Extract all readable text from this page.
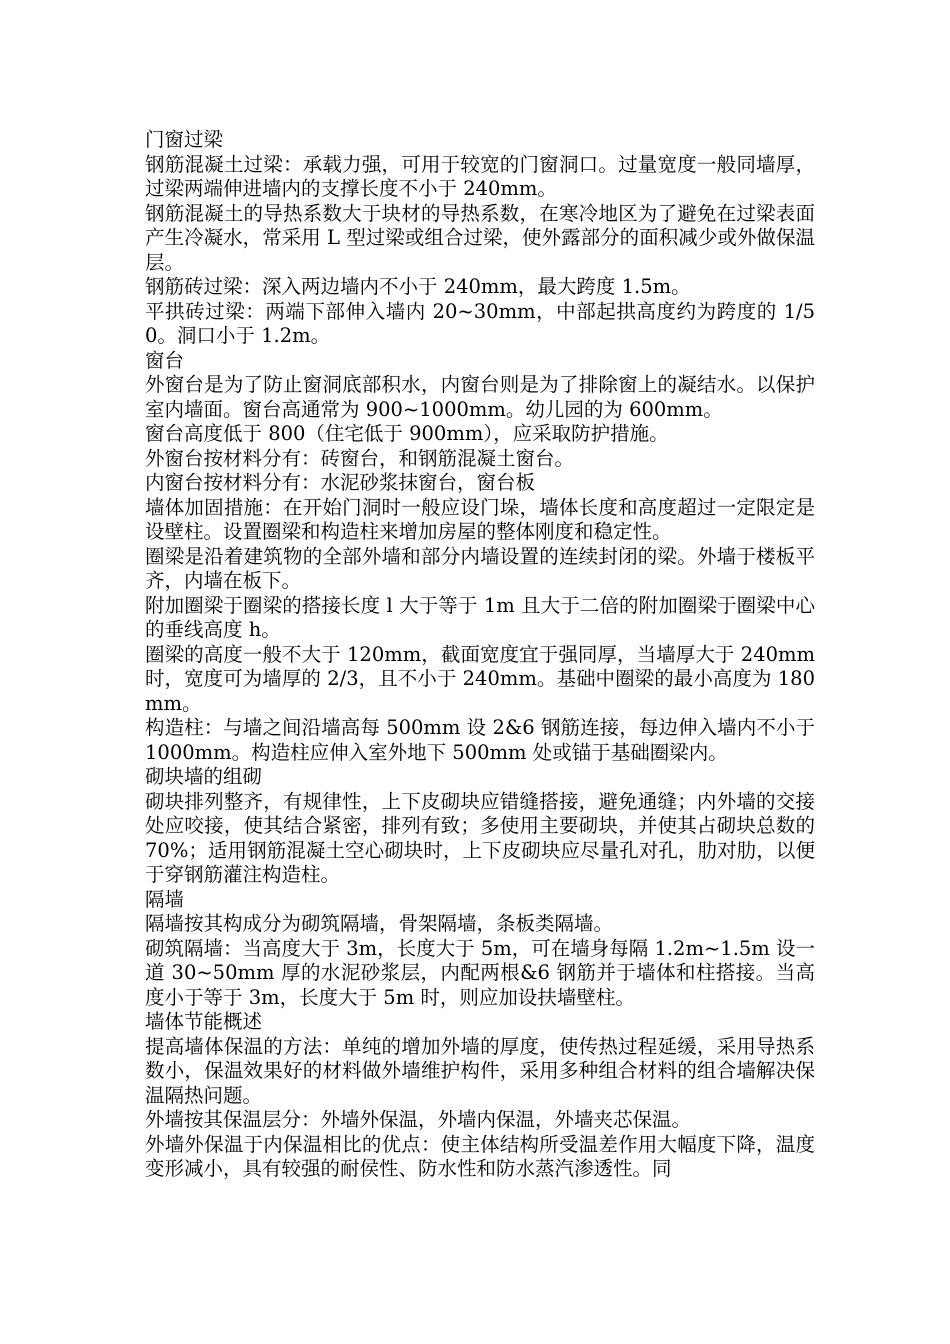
门窗过梁

钢筋混凝土过梁：承载力强，可用于较宽的门窗洞口。过量宽度一般同墙厚，过梁两端伸进墙内的支撑长度不小于 240mm。

钢筋混凝土的导热系数大于块材的导热系数，在寒冷地区为了避免在过梁表面产生冷凝水，常采用 L 型过梁或组合过梁，使外露部分的面积减少或外做保温层。

钢筋砖过梁：深入两边墙内不小于 240mm，最大跨度 1.5m。

平拱砖过梁：两端下部伸入墙内 20~30mm，中部起拱高度约为跨度的 1/50。洞口小于 1.2m。

窗台

外窗台是为了防止窗洞底部积水，内窗台则是为了排除窗上的凝结水。以保护室内墙面。窗台高通常为 900~1000mm。幼儿园的为 600mm。

窗台高度低于 800（住宅低于 900mm），应采取防护措施。

外窗台按材料分有：砖窗台，和钢筋混凝土窗台。

内窗台按材料分有：水泥砂浆抹窗台，窗台板

墙体加固措施：在开始门洞时一般应设门垛，墙体长度和高度超过一定限定是设壁柱。设置圈梁和构造柱来增加房屋的整体刚度和稳定性。

圈梁是沿着建筑物的全部外墙和部分内墙设置的连续封闭的梁。外墙于楼板平齐，内墙在板下。

附加圈梁于圈梁的搭接长度 l 大于等于 1m 且大于二倍的附加圈梁于圈梁中心的垂线高度 h。

圈梁的高度一般不大于 120mm，截面宽度宜于强同厚，当墙厚大于 240mm 时，宽度可为墙厚的 2/3，且不小于 240mm。基础中圈梁的最小高度为 180mm。

构造柱：与墙之间沿墙高每 500mm 设 2&6 钢筋连接，每边伸入墙内不小于 1000mm。构造柱应伸入室外地下 500mm 处或锚于基础圈梁内。

砌块墙的组砌

砌块排列整齐，有规律性，上下皮砌块应错缝搭接，避免通缝；内外墙的交接处应咬接，使其结合紧密，排列有致；多使用主要砌块，并使其占砌块总数的 70%；适用钢筋混凝土空心砌块时，上下皮砌块应尽量孔对孔，肋对肋，以便于穿钢筋灌注构造柱。

隔墙

隔墙按其构成分为砌筑隔墙，骨架隔墙，条板类隔墙。

砌筑隔墙：当高度大于 3m，长度大于 5m，可在墙身每隔 1.2m~1.5m 设一道 30~50mm 厚的水泥砂浆层，内配两根&6 钢筋并于墙体和柱搭接。当高度小于等于 3m，长度大于 5m 时，则应加设扶墙壁柱。

墙体节能概述

提高墙体保温的方法：单纯的增加外墙的厚度，使传热过程延缓，采用导热系数小，保温效果好的材料做外墙维护构件，采用多种组合材料的组合墙解决保温隔热问题。

外墙按其保温层分：外墙外保温，外墙内保温，外墙夹芯保温。

外墙外保温于内保温相比的优点：使主体结构所受温差作用大幅度下降，温度变形减小，具有较强的耐侯性、防水性和防水蒸汽渗透性。同
